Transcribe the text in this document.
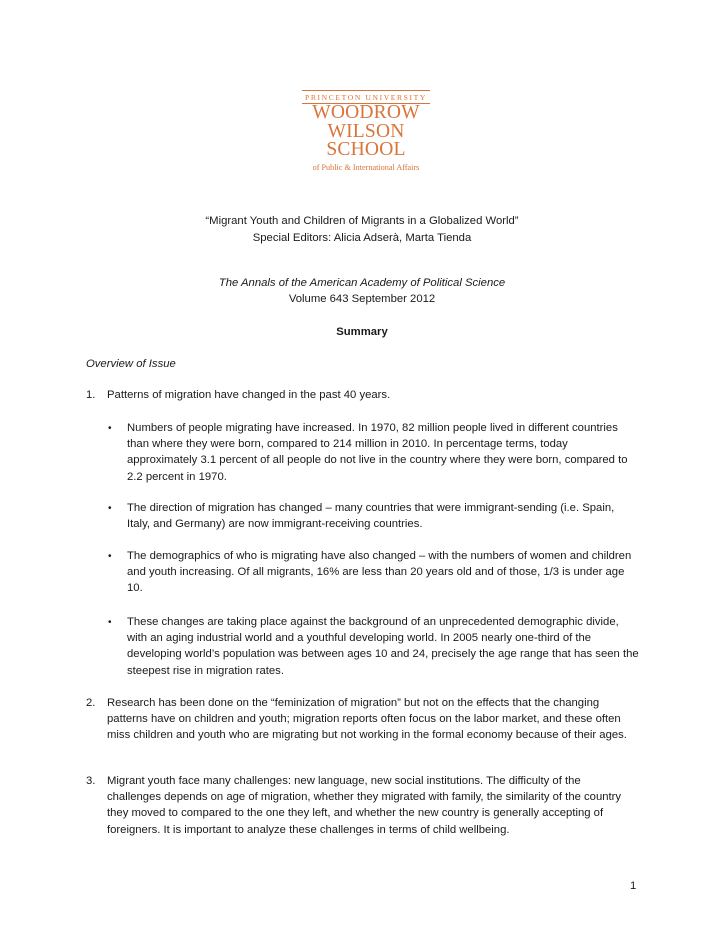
PRINCETON UNIVERSITY
WOODROW
WILSON
SCHOOL
of Public & International Affairs
“Migrant Youth and Children of Migrants in a Globalized World”
Special Editors: Alicia Adserà, Marta Tienda
The Annals of the American Academy of Political Science
Volume 643 September 2012
Summary
Overview of Issue
1.	Patterns of migration have changed in the past 40 years.
• Numbers of people migrating have increased. In 1970, 82 million people lived in different countries than where they were born, compared to 214 million in 2010. In percentage terms, today approximately 3.1 percent of all people do not live in the country where they were born, compared to 2.2 percent in 1970.
• The direction of migration has changed – many countries that were immigrant-sending (i.e. Spain, Italy, and Germany) are now immigrant-receiving countries.
• The demographics of who is migrating have also changed – with the numbers of women and children and youth increasing. Of all migrants, 16% are less than 20 years old and of those, 1/3 is under age 10.
• These changes are taking place against the background of an unprecedented demographic divide, with an aging industrial world and a youthful developing world. In 2005 nearly one-third of the developing world’s population was between ages 10 and 24, precisely the age range that has seen the steepest rise in migration rates.
2.	Research has been done on the “feminization of migration” but not on the effects that the changing patterns have on children and youth; migration reports often focus on the labor market, and these often miss children and youth who are migrating but not working in the formal economy because of their ages.
3.	Migrant youth face many challenges: new language, new social institutions. The difficulty of the challenges depends on age of migration, whether they migrated with family, the similarity of the country they moved to compared to the one they left, and whether the new country is generally accepting of foreigners. It is important to analyze these challenges in terms of child wellbeing.
1
